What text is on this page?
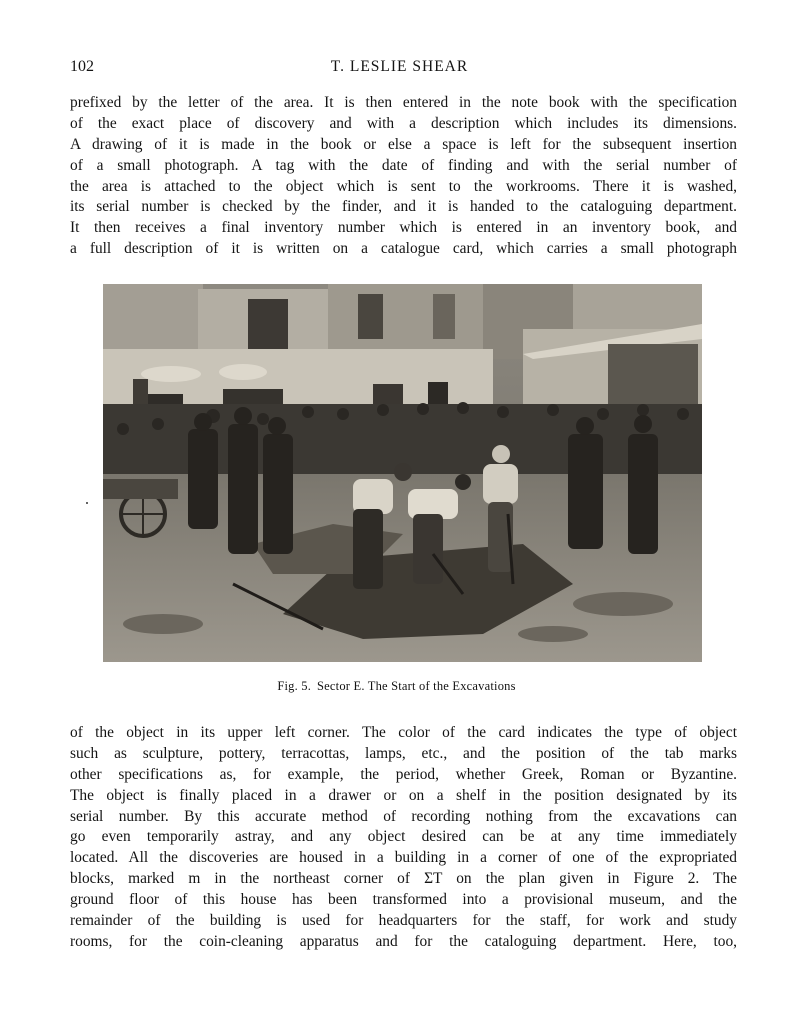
102	T. LESLIE SHEAR
prefixed by the letter of the area. It is then entered in the note book with the specification
of the exact place of discovery and with a description which includes its dimensions.
A drawing of it is made in the book or else a space is left for the subsequent insertion
of a small photograph. A tag with the date of finding and with the serial number of
the area is attached to the object which is sent to the workrooms. There it is washed,
its serial number is checked by the finder, and it is handed to the cataloguing department.
It then receives a final inventory number which is entered in an inventory book, and
a full description of it is written on a catalogue card, which carries a small photograph
Fig. 5. Sector E. The Start of the Excavations
of the object in its upper left corner. The color of the card indicates the type of object
such as sculpture, pottery, terracottas, lamps, etc., and the position of the tab marks
other specifications as, for example, the period, whether Greek, Roman or Byzantine.
The object is finally placed in a drawer or on a shelf in the position designated by its
serial number. By this accurate method of recording nothing from the excavations can
go even temporarily astray, and any object desired can be at any time immediately
located. All the discoveries are housed in a building in a corner of one of the expropriated
blocks, marked m in the northeast corner of ΣT on the plan given in Figure 2. The
ground floor of this house has been transformed into a provisional museum, and the
remainder of the building is used for headquarters for the staff, for work and study
rooms, for the coin-cleaning apparatus and for the cataloguing department. Here, too,
